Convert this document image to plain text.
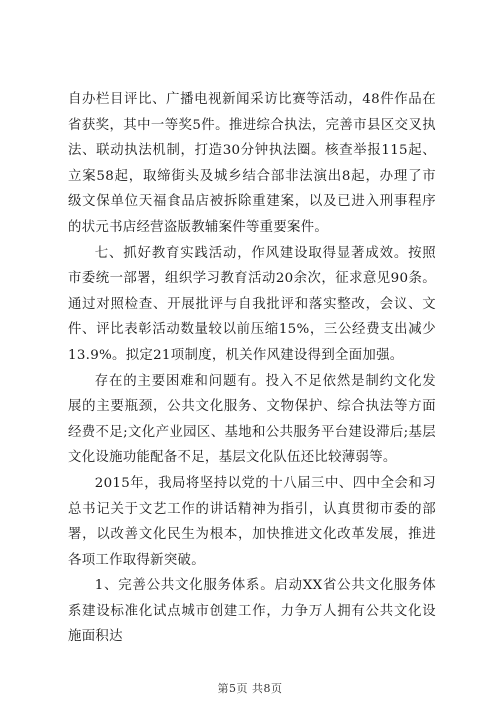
自办栏目评比、广播电视新闻采访比赛等活动，48件作品在省获奖，其中一等奖5件。推进综合执法，完善市县区交叉执法、联动执法机制，打造30分钟执法圈。核查举报115起、立案58起，取缔街头及城乡结合部非法演出8起，办理了市级文保单位天福食品店被拆除重建案，以及已进入刑事程序的状元书店经营盗版教辅案件等重要案件。

七、抓好教育实践活动，作风建设取得显著成效。按照市委统一部署，组织学习教育活动20余次，征求意见90条。通过对照检查、开展批评与自我批评和落实整改，会议、文件、评比表彰活动数量较以前压缩15%，三公经费支出减少13.9%。拟定21项制度，机关作风建设得到全面加强。

存在的主要困难和问题有。投入不足依然是制约文化发展的主要瓶颈，公共文化服务、文物保护、综合执法等方面经费不足;文化产业园区、基地和公共服务平台建设滞后;基层文化设施功能配备不足，基层文化队伍还比较薄弱等。

2015年，我局将坚持以党的十八届三中、四中全会和习总书记关于文艺工作的讲话精神为指引，认真贯彻市委的部署，以改善文化民生为根本，加快推进文化改革发展，推进各项工作取得新突破。

1、完善公共文化服务体系。启动XX省公共文化服务体系建设标准化试点城市创建工作，力争万人拥有公共文化设施面积达

第5页 共8页
